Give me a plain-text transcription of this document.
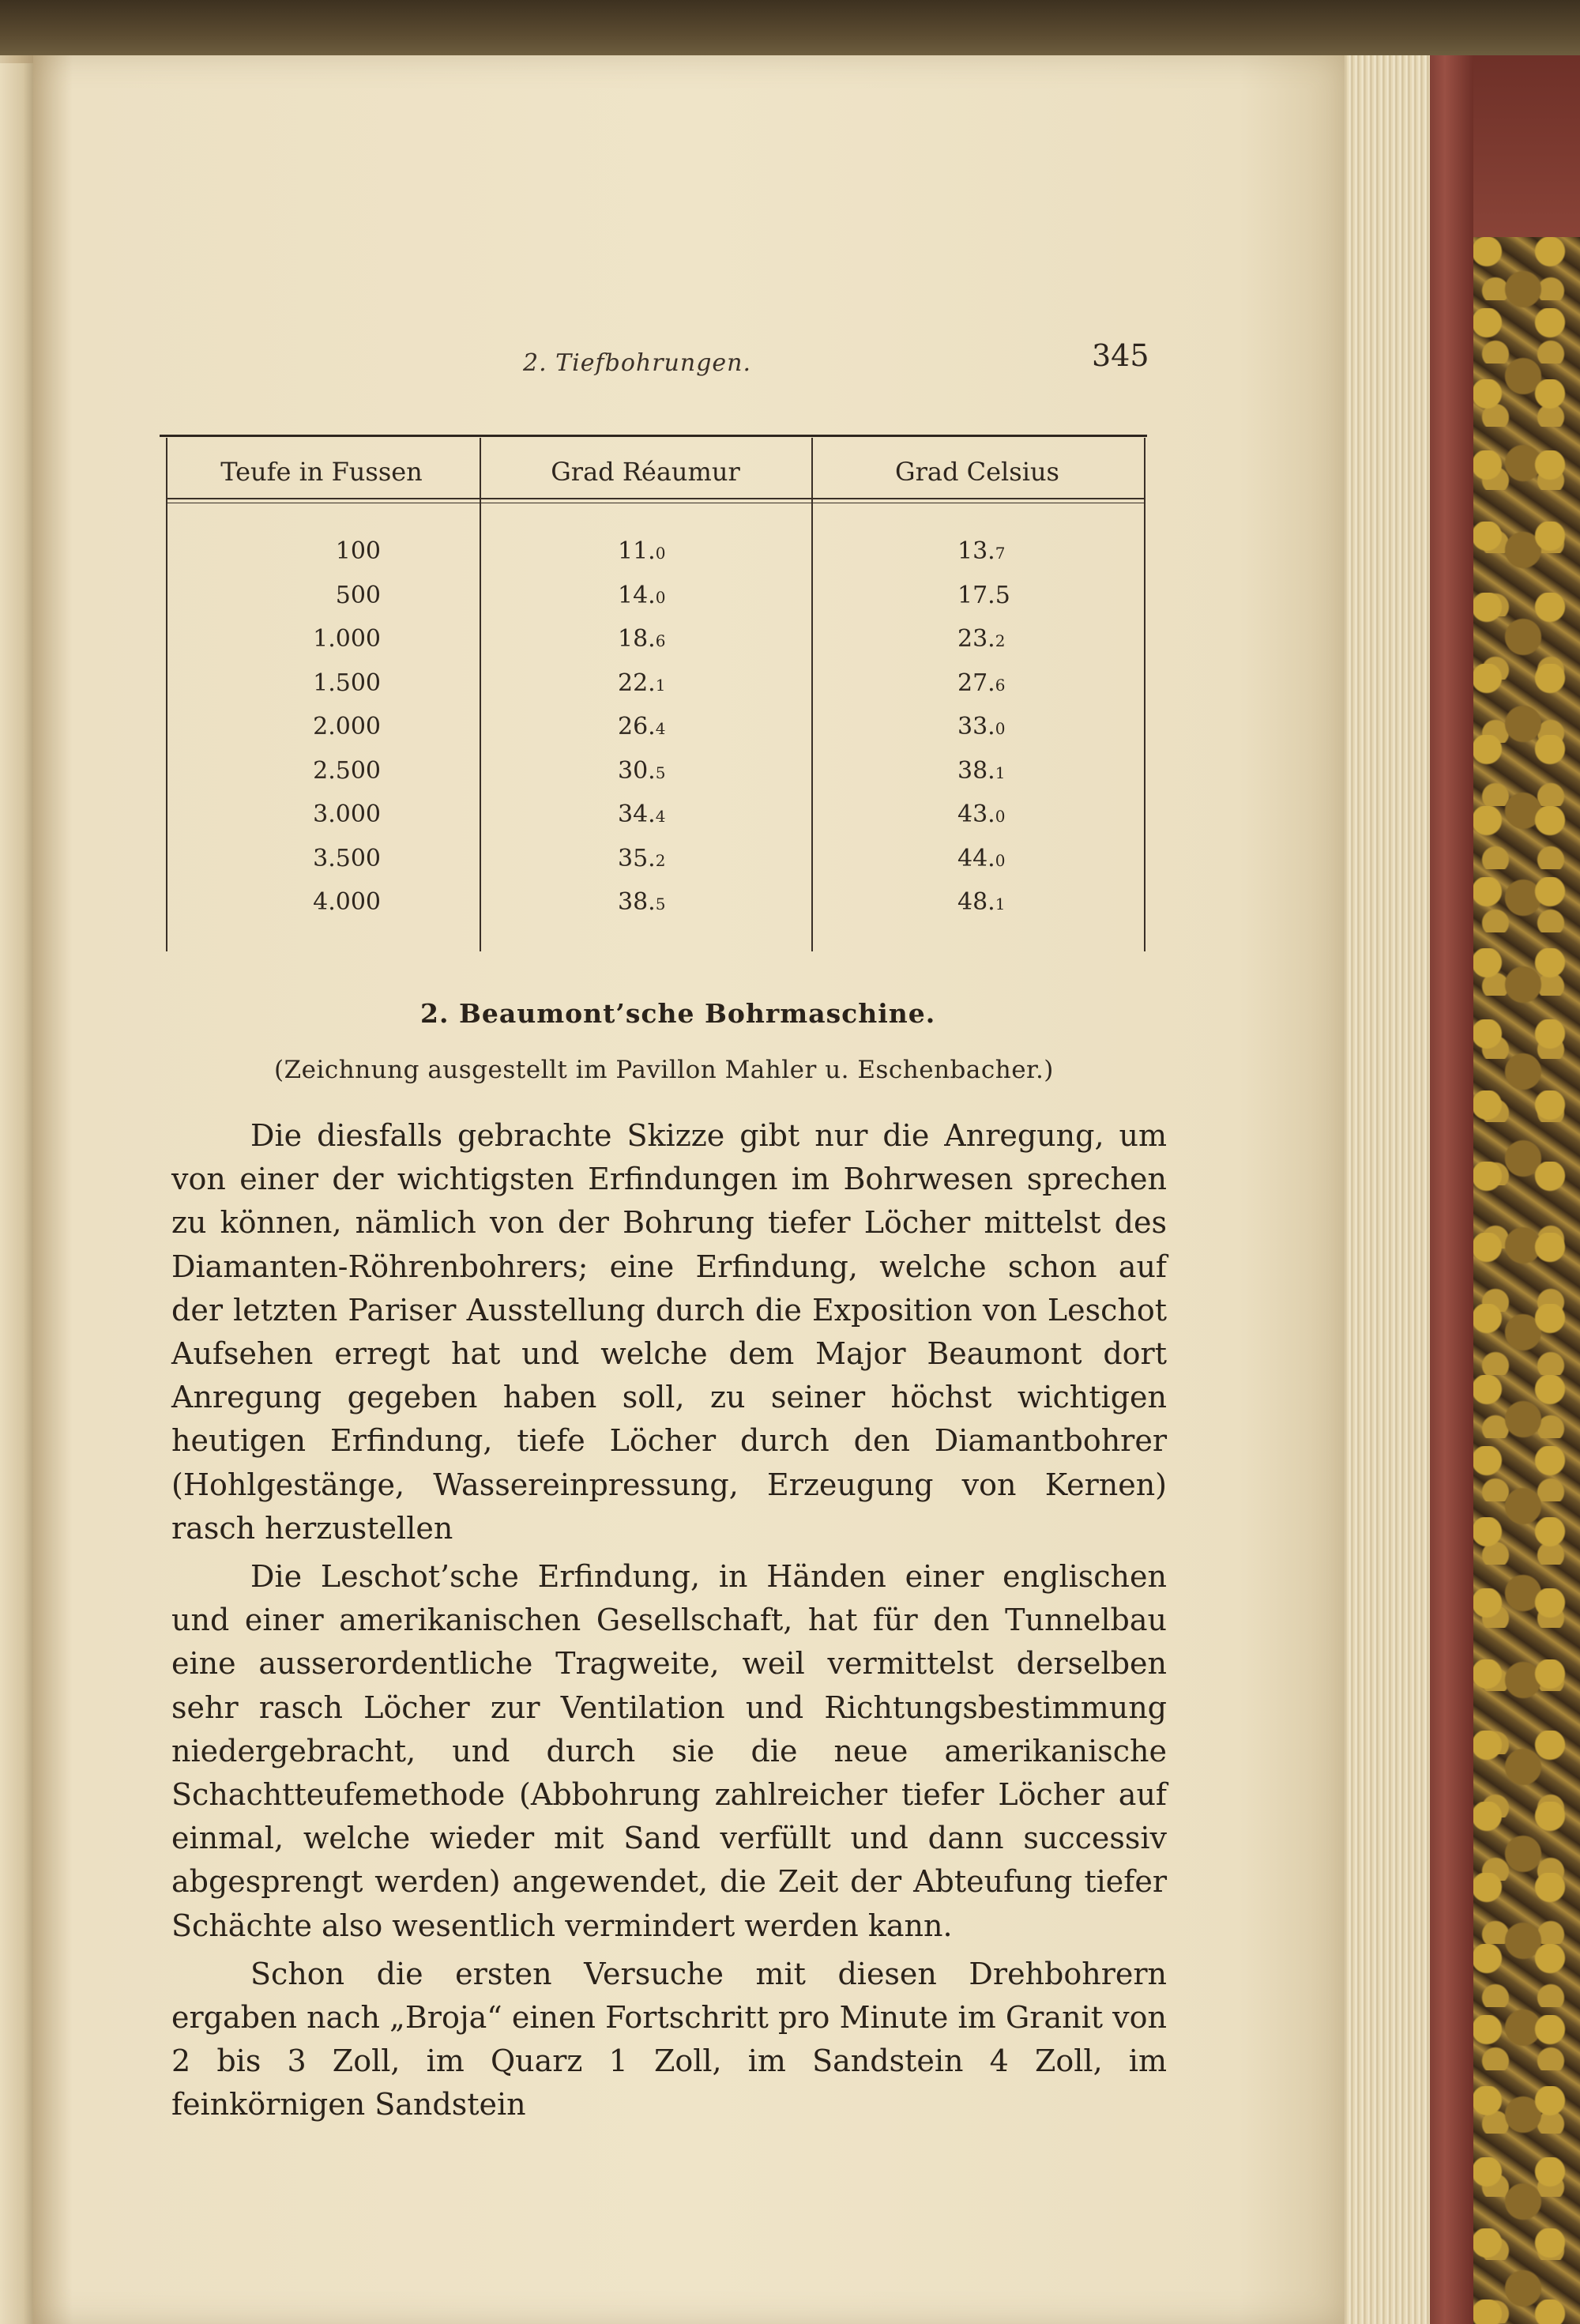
2. Tiefbohrungen.	345
Teufe in Fussen	Grad Réaumur	Grad Celsius
100	11.0	13.7
500	14.0	17.5
1.000	18.6	23.2
1.500	22.1	27.6
2.000	26.4	33.0
2.500	30.5	38.1
3.000	34.4	43.0
3.500	35.2	44.0
4.000	38.5	48.1
2. Beaumont’sche Bohrmaschine.
(Zeichnung ausgestellt im Pavillon Mahler u. Eschenbacher.)

Die diesfalls gebrachte Skizze gibt nur die Anregung, um von einer der wichtigsten Erfindungen im Bohrwesen sprechen zu können, nämlich von der Bohrung tiefer Löcher mittelst des Diamanten-Röhrenbohrers; eine Erfindung, welche schon auf der letzten Pariser Ausstellung durch die Exposition von Leschot Aufsehen erregt hat und welche dem Major Beaumont dort Anregung gegeben haben soll, zu seiner höchst wichtigen heutigen Erfindung, tiefe Löcher durch den Diamantbohrer (Hohlgestänge, Wassereinpressung, Erzeugung von Kernen) rasch herzustellen

Die Leschot’sche Erfindung, in Händen einer englischen und einer amerikanischen Gesellschaft, hat für den Tunnelbau eine ausserordentliche Tragweite, weil vermittelst derselben sehr rasch Löcher zur Ventilation und Richtungsbestimmung niedergebracht, und durch sie die neue amerikanische Schachtteufemethode (Abbohrung zahlreicher tiefer Löcher auf einmal, welche wieder mit Sand verfüllt und dann successiv abgesprengt werden) angewendet, die Zeit der Abteufung tiefer Schächte also wesentlich vermindert werden kann.

Schon die ersten Versuche mit diesen Drehbohrern ergaben nach „Broja“ einen Fortschritt pro Minute im Granit von 2 bis 3 Zoll, im Quarz 1 Zoll, im Sandstein 4 Zoll, im feinkörnigen Sandstein
